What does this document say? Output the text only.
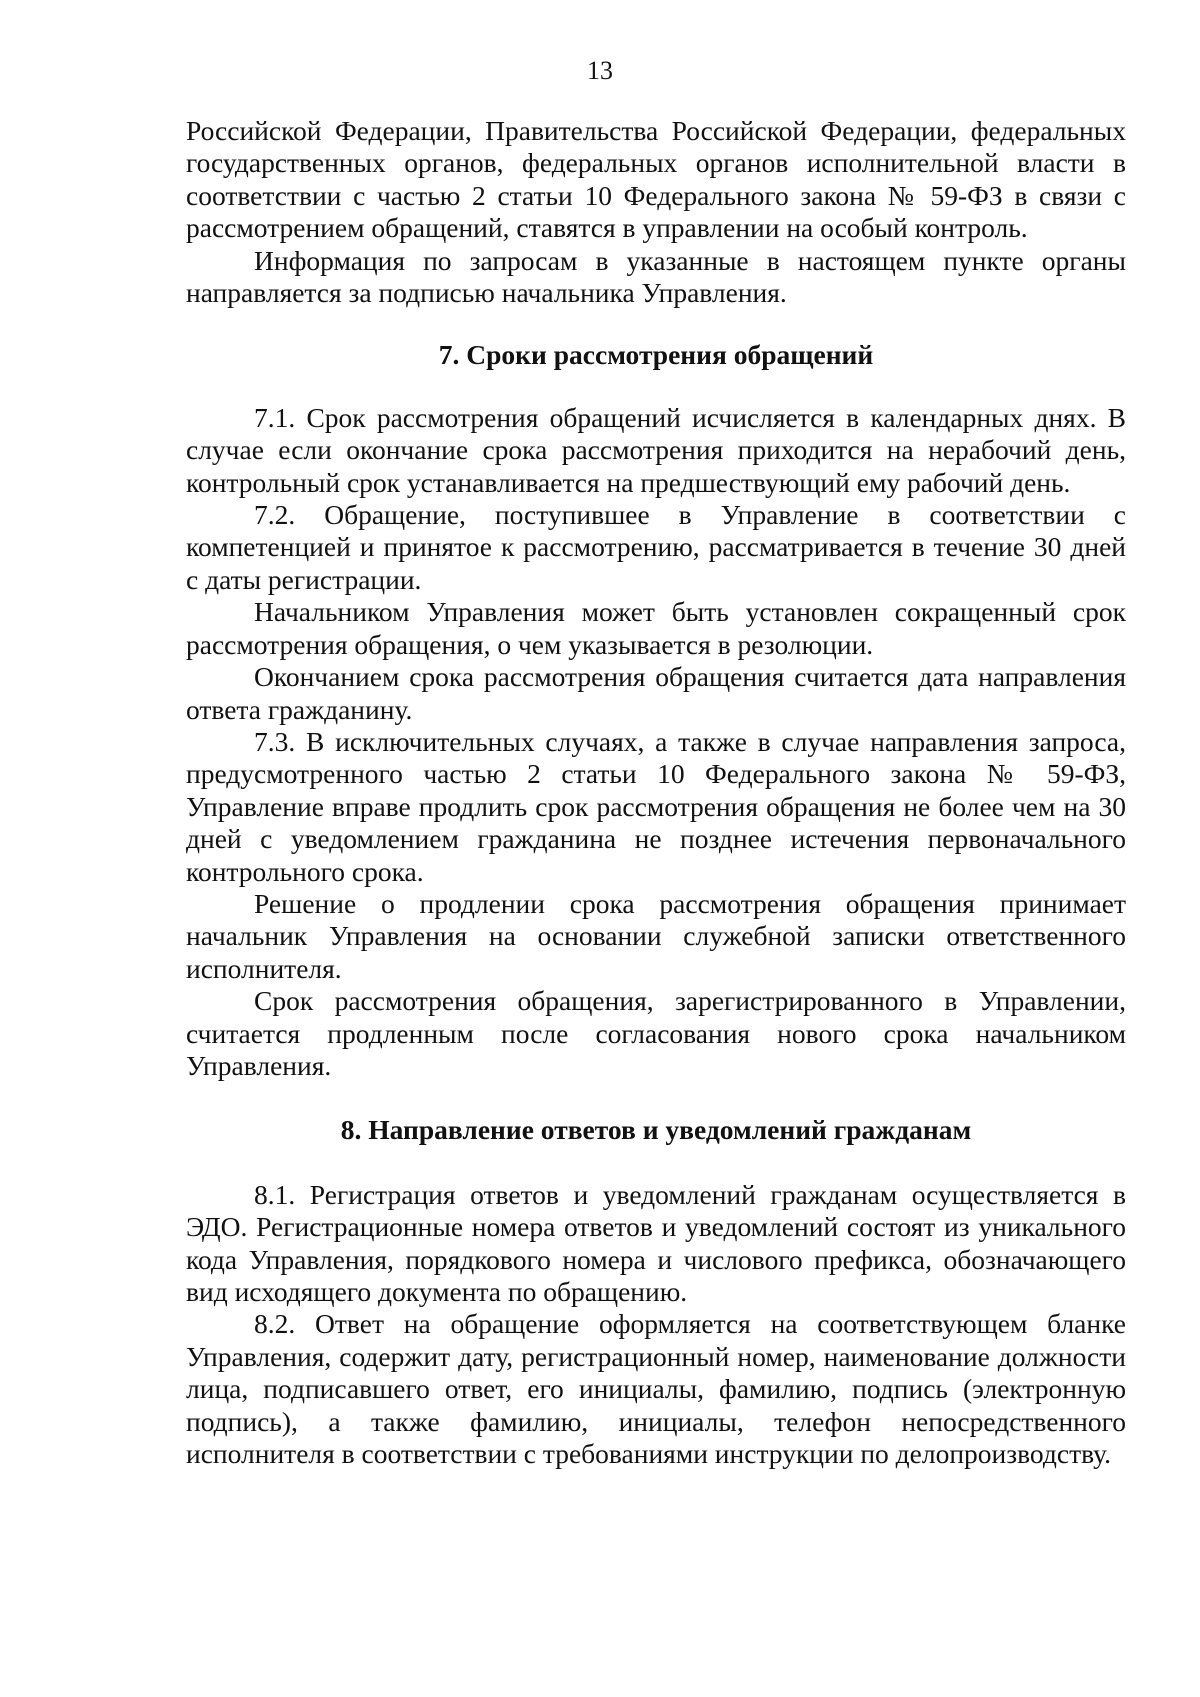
13

Российской Федерации, Правительства Российской Федерации, федеральных государственных органов, федеральных органов исполнительной власти в соответствии с частью 2 статьи 10 Федерального закона № 59-ФЗ в связи с рассмотрением обращений, ставятся в управлении на особый контроль.

Информация по запросам в указанные в настоящем пункте органы направляется за подписью начальника Управления.

7. Сроки рассмотрения обращений

7.1. Срок рассмотрения обращений исчисляется в календарных днях. В случае если окончание срока рассмотрения приходится на нерабочий день, контрольный срок устанавливается на предшествующий ему рабочий день.

7.2. Обращение, поступившее в Управление в соответствии с компетенцией и принятое к рассмотрению, рассматривается в течение 30 дней с даты регистрации.

Начальником Управления может быть установлен сокращенный срок рассмотрения обращения, о чем указывается в резолюции.

Окончанием срока рассмотрения обращения считается дата направления ответа гражданину.

7.3. В исключительных случаях, а также в случае направления запроса, предусмотренного частью 2 статьи 10 Федерального закона № 59-ФЗ, Управление вправе продлить срок рассмотрения обращения не более чем на 30 дней с уведомлением гражданина не позднее истечения первоначального контрольного срока.

Решение о продлении срока рассмотрения обращения принимает начальник Управления на основании служебной записки ответственного исполнителя.

Срок рассмотрения обращения, зарегистрированного в Управлении, считается продленным после согласования нового срока начальником Управления.

8. Направление ответов и уведомлений гражданам

8.1. Регистрация ответов и уведомлений гражданам осуществляется в ЭДО. Регистрационные номера ответов и уведомлений состоят из уникального кода Управления, порядкового номера и числового префикса, обозначающего вид исходящего документа по обращению.

8.2. Ответ на обращение оформляется на соответствующем бланке Управления, содержит дату, регистрационный номер, наименование должности лица, подписавшего ответ, его инициалы, фамилию, подпись (электронную подпись), а также фамилию, инициалы, телефон непосредственного исполнителя в соответствии с требованиями инструкции по делопроизводству.
